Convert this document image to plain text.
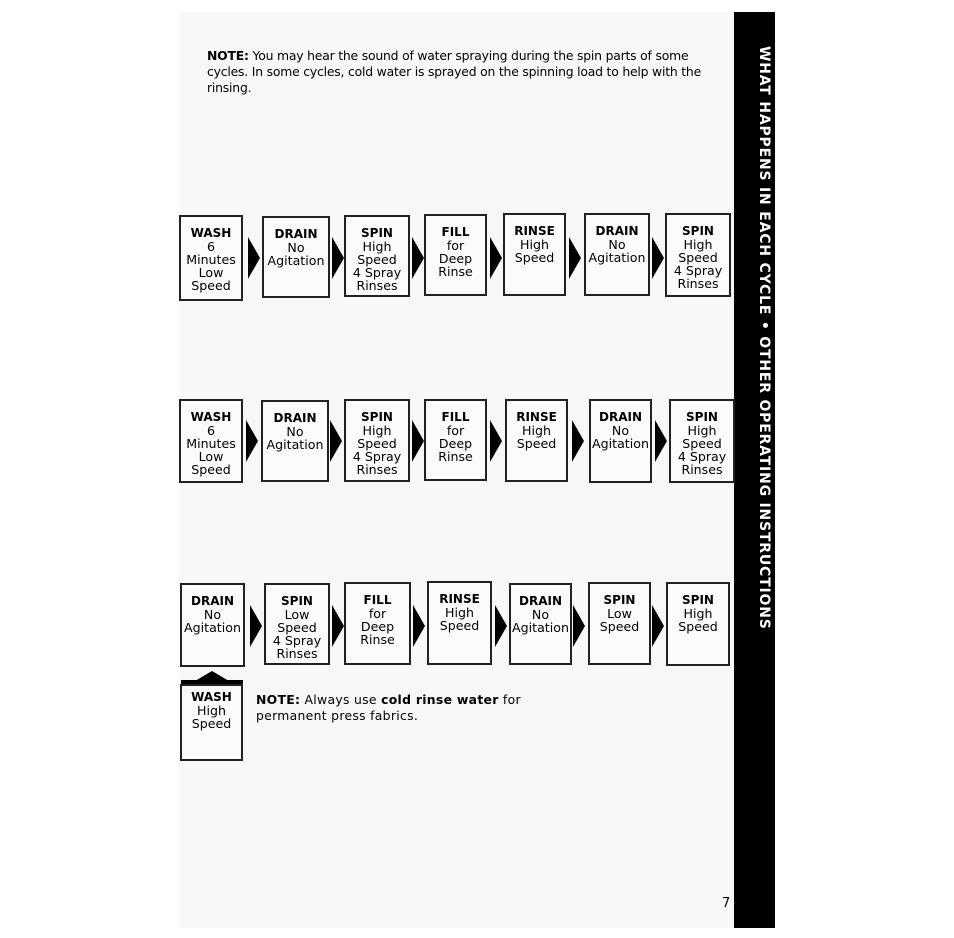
NOTE: You may hear the sound of water spraying during the spin parts of some cycles. In some cycles, cold water is sprayed on the spinning load to help with the rinsing.	WHAT HAPPENS IN EACH CYCLE • OTHER OPERATING INSTRUCTIONS
WASH
6
Minutes
Low
Speed
DRAIN
No
Agitation
SPIN
High
Speed
4 Spray
Rinses
FILL
for
Deep
Rinse
RINSE
High
Speed
DRAIN
No
Agitation
SPIN
High
Speed
4 Spray
Rinses
WASH
6
Minutes
Low
Speed
DRAIN
No
Agitation
SPIN
High
Speed
4 Spray
Rinses
FILL
for
Deep
Rinse
RINSE
High
Speed
DRAIN
No
Agitation
SPIN
High
Speed
4 Spray
Rinses
DRAIN
No
Agitation
SPIN
Low
Speed
4 Spray
Rinses
FILL
for
Deep
Rinse
RINSE
High
Speed
DRAIN
No
Agitation
SPIN
Low
Speed
SPIN
High
Speed
WASH
High
Speed
NOTE: Always use cold rinse water for permanent press fabrics.
7
